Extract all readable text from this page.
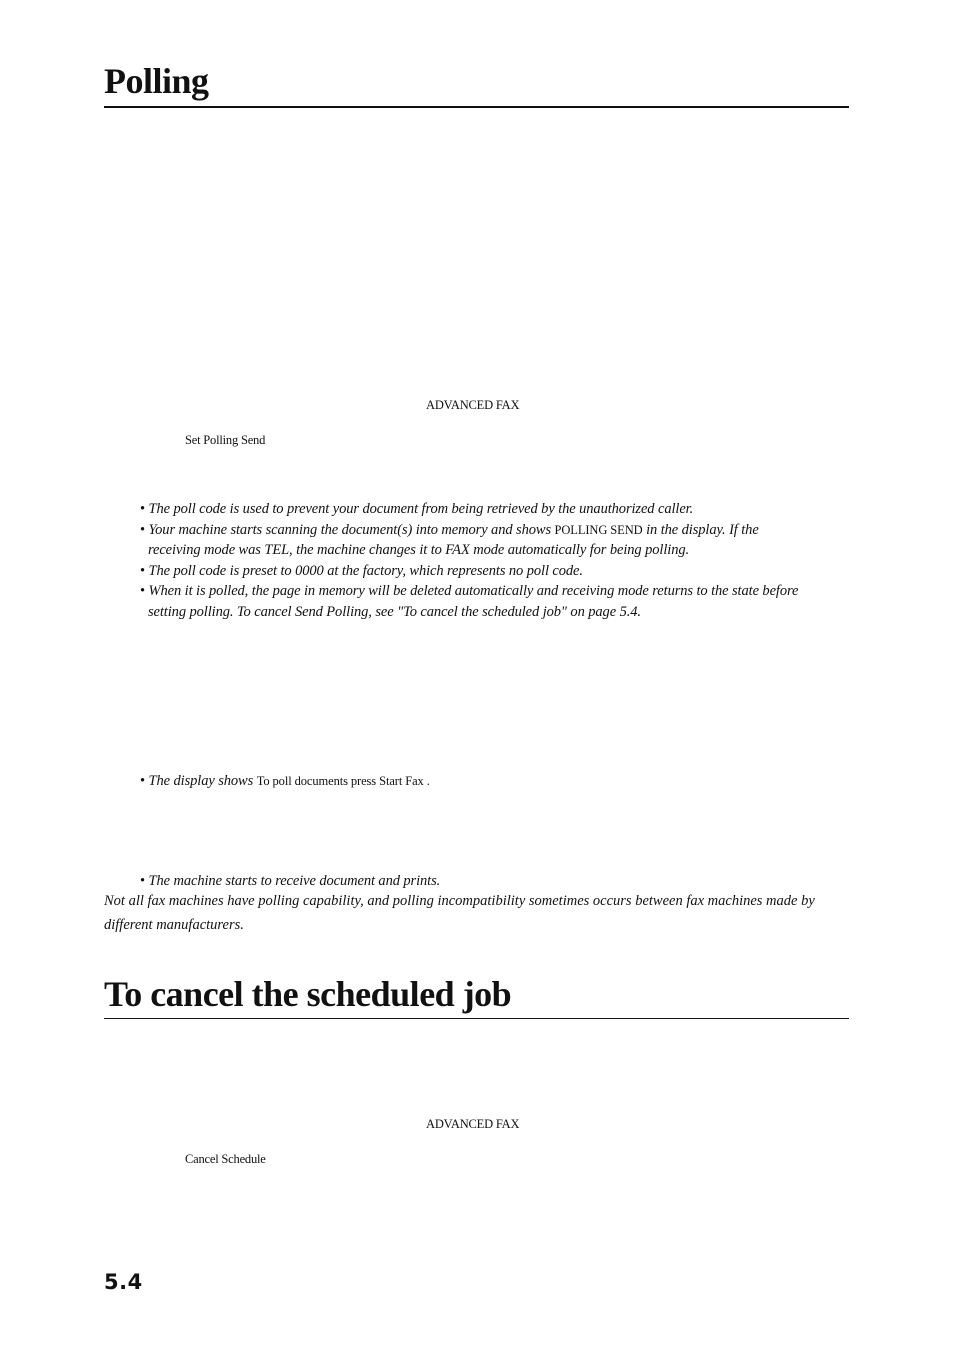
Polling
ADVANCED FAX
Set Polling Send
• The poll code is used to prevent your document from being retrieved by the unauthorized caller.
• Your machine starts scanning the document(s) into memory and shows POLLING SEND in the display. If the
receiving mode was TEL, the machine changes it to FAX mode automatically for being polling.
• The poll code is preset to 0000 at the factory, which represents no poll code.
• When it is polled, the page in memory will be deleted automatically and receiving mode returns to the state before
setting polling. To cancel Send Polling, see "To cancel the scheduled job" on page 5.4.
• The display shows To poll documents press Start Fax .
• The machine starts to receive document and prints.
Not all fax machines have polling capability, and polling incompatibility sometimes occurs between fax machines made by
different manufacturers.
To cancel the scheduled job
ADVANCED FAX
Cancel Schedule
5.4
